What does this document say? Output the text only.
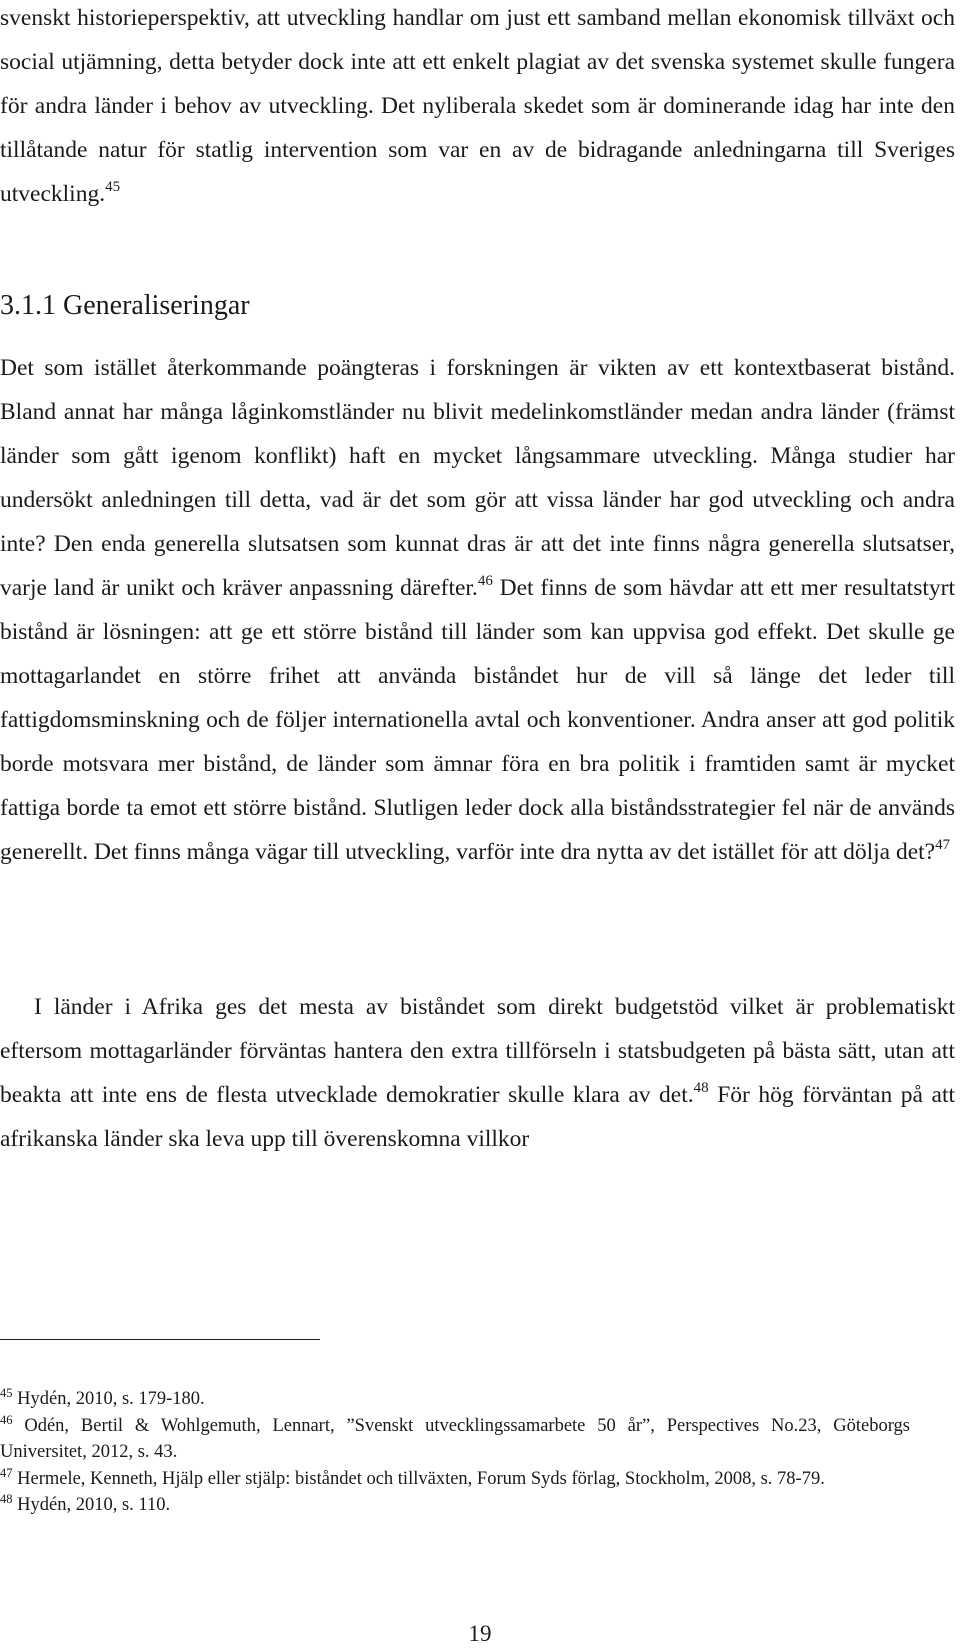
svenskt historieperspektiv, att utveckling handlar om just ett samband mellan ekonomisk tillväxt och social utjämning, detta betyder dock inte att ett enkelt plagiat av det svenska systemet skulle fungera för andra länder i behov av utveckling. Det nyliberala skedet som är dominerande idag har inte den tillåtande natur för statlig intervention som var en av de bidragande anledningarna till Sveriges utveckling.$^{45}$

3.1.1 Generaliseringar

Det som istället återkommande poängteras i forskningen är vikten av ett kontextbaserat bistånd. Bland annat har många låginkomstländer nu blivit medelinkomstländer medan andra länder (främst länder som gått igenom konflikt) haft en mycket långsammare utveckling. Många studier har undersökt anledningen till detta, vad är det som gör att vissa länder har god utveckling och andra inte? Den enda generella slutsatsen som kunnat dras är att det inte finns några generella slutsatser, varje land är unikt och kräver anpassning därefter.$^{46}$ Det finns de som hävdar att ett mer resultatstyrt bistånd är lösningen: att ge ett större bistånd till länder som kan uppvisa god effekt. Det skulle ge mottagarlandet en större frihet att använda biståndet hur de vill så länge det leder till fattigdomsminskning och de följer internationella avtal och konventioner. Andra anser att god politik borde motsvara mer bistånd, de länder som ämnar föra en bra politik i framtiden samt är mycket fattiga borde ta emot ett större bistånd. Slutligen leder dock alla biståndsstrategier fel när de används generellt. Det finns många vägar till utveckling, varför inte dra nytta av det istället för att dölja det?$^{47}$

I länder i Afrika ges det mesta av biståndet som direkt budgetstöd vilket är problematiskt eftersom mottagarländer förväntas hantera den extra tillförseln i statsbudgeten på bästa sätt, utan att beakta att inte ens de flesta utvecklade demokratier skulle klara av det.$^{48}$ För hög förväntan på att afrikanska länder ska leva upp till överenskomna villkor

$^{45}$ Hydén, 2010, s. 179-180.

$^{46}$ Odén, Bertil & Wohlgemuth, Lennart, ”Svenskt utvecklingssamarbete 50 år”, Perspectives No.23, Göteborgs Universitet, 2012, s. 43.

$^{47}$ Hermele, Kenneth, Hjälp eller stjälp: biståndet och tillväxten, Forum Syds förlag, Stockholm, 2008, s. 78-79.

$^{48}$ Hydén, 2010, s. 110.

19
